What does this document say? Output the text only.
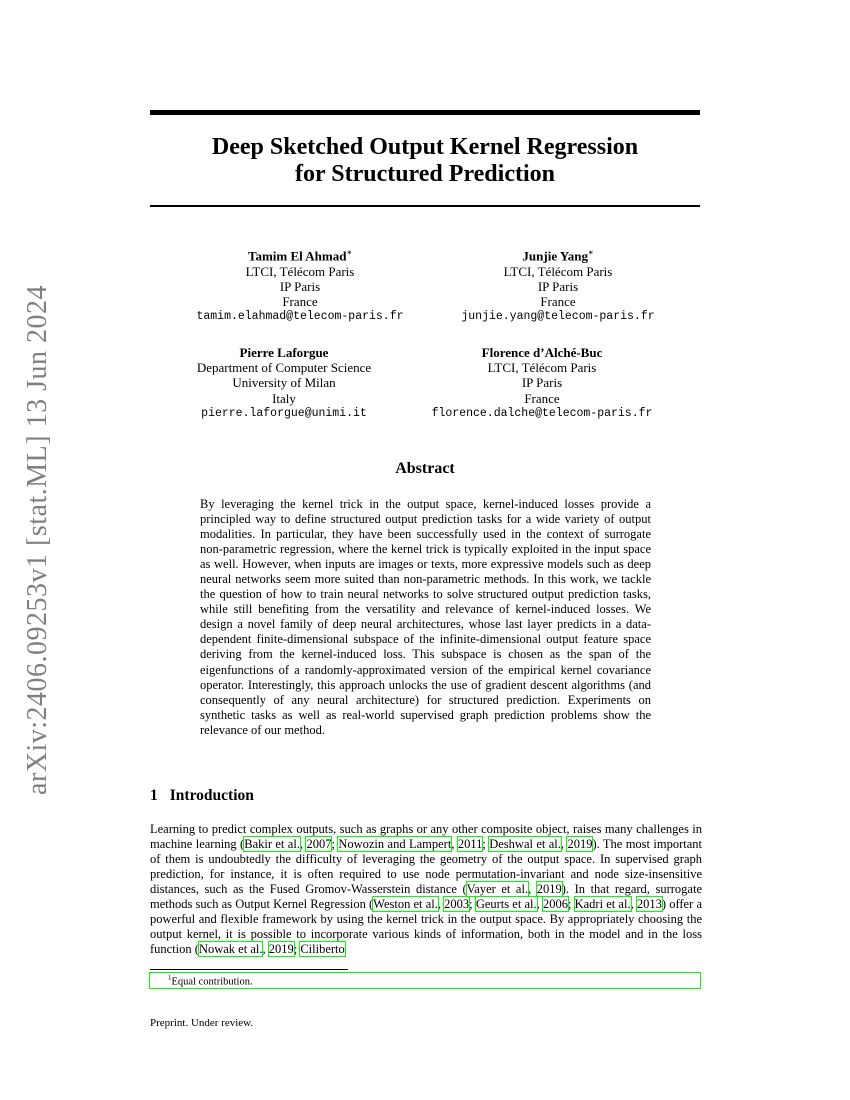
arXiv:2406.09253v1 [stat.ML] 13 Jun 2024
Deep Sketched Output Kernel Regression
for Structured Prediction
Tamim El Ahmad∗
LTCI, Télécom Paris
IP Paris
France
tamim.elahmad@telecom-paris.fr
Junjie Yang∗
LTCI, Télécom Paris
IP Paris
France
junjie.yang@telecom-paris.fr
Pierre Laforgue
Department of Computer Science
University of Milan
Italy
pierre.laforgue@unimi.it
Florence d’Alché-Buc
LTCI, Télécom Paris
IP Paris
France
florence.dalche@telecom-paris.fr
Abstract
By leveraging the kernel trick in the output space, kernel-induced losses provide a principled way to define structured output prediction tasks for a wide variety of output modalities. In particular, they have been successfully used in the context of surrogate non-parametric regression, where the kernel trick is typically exploited in the input space as well. However, when inputs are images or texts, more expressive models such as deep neural networks seem more suited than non-parametric methods. In this work, we tackle the question of how to train neural networks to solve structured output prediction tasks, while still benefiting from the versatility and relevance of kernel-induced losses. We design a novel family of deep neural architectures, whose last layer predicts in a data-dependent finite-dimensional subspace of the infinite-dimensional output feature space deriving from the kernel-induced loss. This subspace is chosen as the span of the eigenfunctions of a randomly-approximated version of the empirical kernel covariance operator. Interestingly, this approach unlocks the use of gradient descent algorithms (and consequently of any neural architecture) for structured prediction. Experiments on synthetic tasks as well as real-world supervised graph prediction problems show the relevance of our method.
1 Introduction
Learning to predict complex outputs, such as graphs or any other composite object, raises many challenges in machine learning (Bakir et al., 2007; Nowozin and Lampert, 2011; Deshwal et al., 2019). The most important of them is undoubtedly the difficulty of leveraging the geometry of the output space. In supervised graph prediction, for instance, it is often required to use node permutation-invariant and node size-insensitive distances, such as the Fused Gromov-Wasserstein distance (Vayer et al., 2019). In that regard, surrogate methods such as Output Kernel Regression (Weston et al., 2003; Geurts et al., 2006; Kadri et al., 2013) offer a powerful and flexible framework by using the kernel trick in the output space. By appropriately choosing the output kernel, it is possible to incorporate various kinds of information, both in the model and in the loss function (Nowak et al., 2019; Ciliberto
$^1$Equal contribution.
Preprint. Under review.
